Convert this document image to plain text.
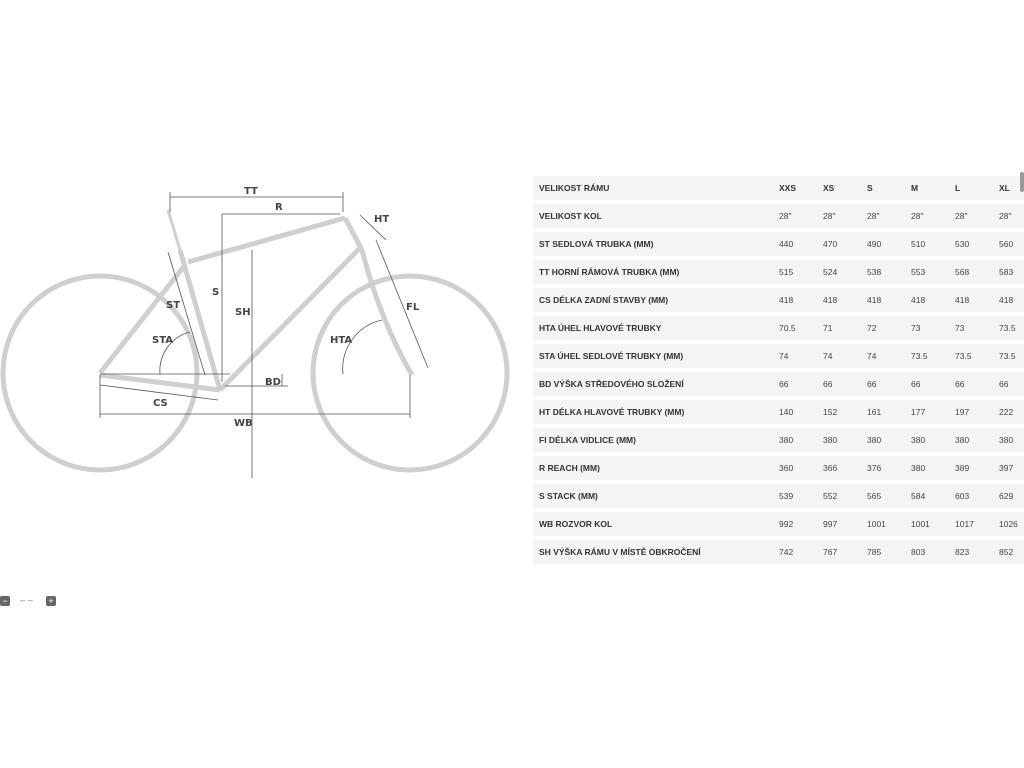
TT
R
HT
ST
S
SH	FL
STA	HTA
BD
CS
WB
VELIKOST RÁMU	XXS	XS	S	M	L	XL
VELIKOST KOL	28"	28"	28"	28"	28"	28"
ST SEDLOVÁ TRUBKA (MM)	440	470	490	510	530	560
TT HORNÍ RÁMOVÁ TRUBKA (MM)	515	524	538	553	568	583
CS DÉLKA ZADNÍ STAVBY (MM)	418	418	418	418	418	418
HTA ÚHEL HLAVOVÉ TRUBKY	70.5	71	72	73	73	73.5
STA ÚHEL SEDLOVÉ TRUBKY (MM)	74	74	74	73.5	73.5	73.5
BD VÝŠKA STŘEDOVÉHO SLOŽENÍ	66	66	66	66	66	66
HT DÉLKA HLAVOVÉ TRUBKY (MM)	140	152	161	177	197	222
FI DÉLKA VIDLICE (MM)	380	380	380	380	380	380
R REACH (MM)	360	366	376	380	389	397
S STACK (MM)	539	552	565	584	603	629
WB ROZVOR KOL	992	997	1001	1001	1017	1026
SH VÝŠKA RÁMU V MÍSTĚ OBKROČENÍ	742	767	785	803	823	852
− -- -- +
